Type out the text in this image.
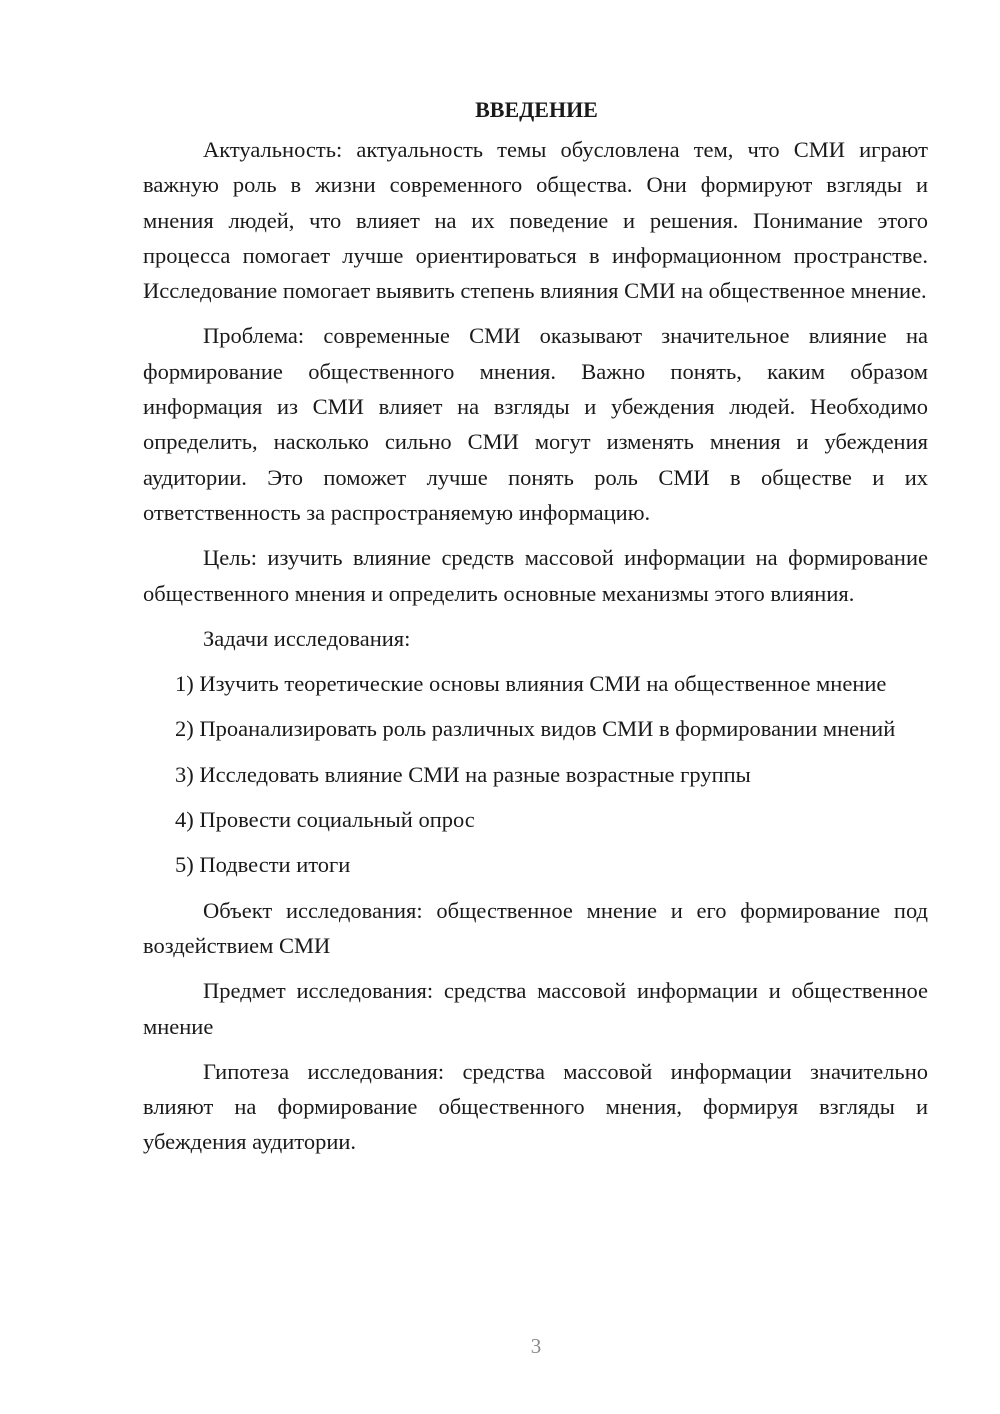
ВВЕДЕНИЕ

Актуальность: актуальность темы обусловлена тем, что СМИ играют важную роль в жизни современного общества. Они формируют взгляды и мнения людей, что влияет на их поведение и решения. Понимание этого процесса помогает лучше ориентироваться в информационном пространстве. Исследование помогает выявить степень влияния СМИ на общественное мнение.

Проблема: современные СМИ оказывают значительное влияние на формирование общественного мнения. Важно понять, каким образом информация из СМИ влияет на взгляды и убеждения людей. Необходимо определить, насколько сильно СМИ могут изменять мнения и убеждения аудитории. Это поможет лучше понять роль СМИ в обществе и их ответственность за распространяемую информацию.

Цель: изучить влияние средств массовой информации на формирование общественного мнения и определить основные механизмы этого влияния.

Задачи исследования:

1) Изучить теоретические основы влияния СМИ на общественное мнение

2) Проанализировать роль различных видов СМИ в формировании мнений

3) Исследовать влияние СМИ на разные возрастные группы

4) Провести социальный опрос

5) Подвести итоги

Объект исследования: общественное мнение и его формирование под воздействием СМИ

Предмет исследования: средства массовой информации и общественное мнение

Гипотеза исследования: средства массовой информации значительно влияют на формирование общественного мнения, формируя взгляды и убеждения аудитории.

3
